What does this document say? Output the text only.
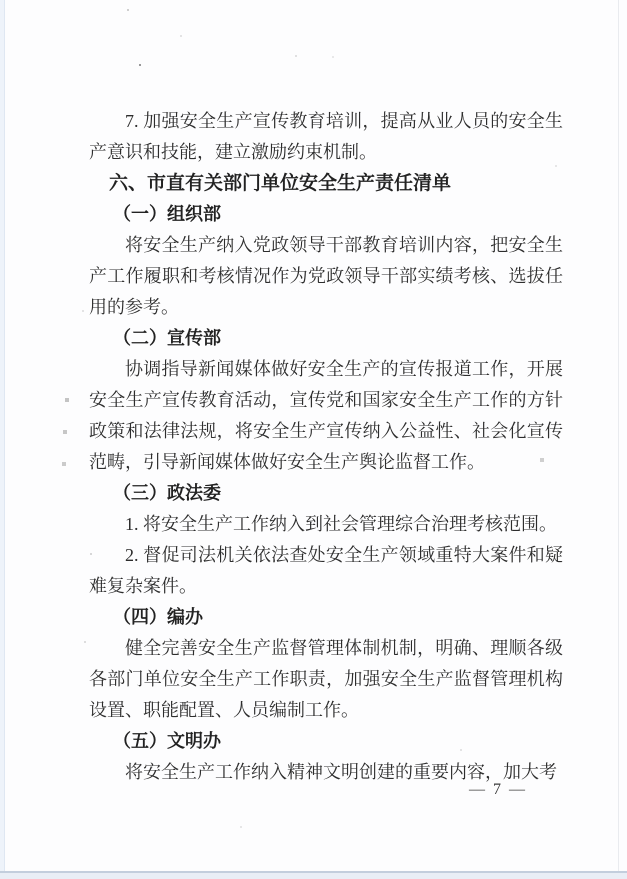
7. 加强安全生产宣传教育培训，提高从业人员的安全生产意识和技能，建立激励约束机制。

六、市直有关部门单位安全生产责任清单

（一）组织部

将安全生产纳入党政领导干部教育培训内容，把安全生产工作履职和考核情况作为党政领导干部实绩考核、选拔任用的参考。

（二）宣传部

协调指导新闻媒体做好安全生产的宣传报道工作，开展安全生产宣传教育活动，宣传党和国家安全生产工作的方针政策和法律法规，将安全生产宣传纳入公益性、社会化宣传范畴，引导新闻媒体做好安全生产舆论监督工作。

（三）政法委

1. 将安全生产工作纳入到社会管理综合治理考核范围。

2. 督促司法机关依法查处安全生产领域重特大案件和疑难复杂案件。

（四）编办

健全完善安全生产监督管理体制机制，明确、理顺各级各部门单位安全生产工作职责，加强安全生产监督管理机构设置、职能配置、人员编制工作。

（五）文明办

将安全生产工作纳入精神文明创建的重要内容，加大考

— 7 —
